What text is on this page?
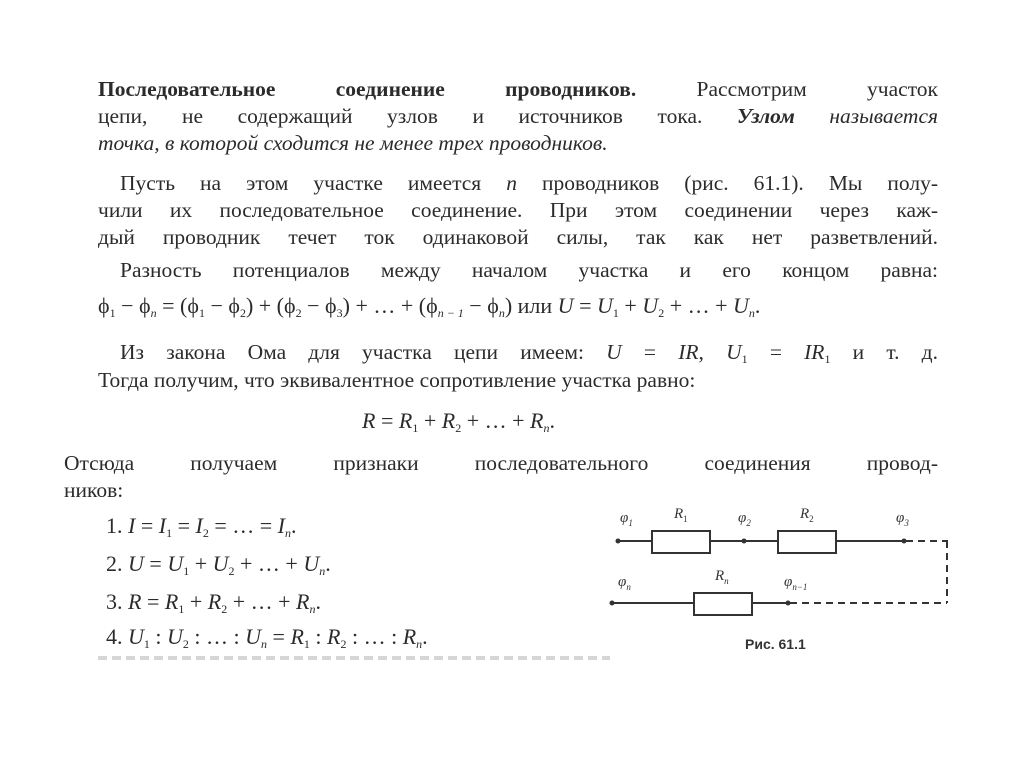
Последовательное соединение проводников. Рассмотрим участок
цепи, не содержащий узлов и источников тока. Узлом называется
точка, в которой сходится не менее трех проводников.
Пусть на этом участке имеется n проводников (рис. 61.1). Мы полу-
чили их последовательное соединение. При этом соединении через каж-
дый проводник течет ток одинаковой силы, так как нет разветвлений.
Разность потенциалов между началом участка и его концом равна:
$\phi_1 - \phi_n = (\phi_1 - \phi_2) + (\phi_2 - \phi_3)$ + … + $(\phi_{n - 1} - \phi_n)$ или $U = U_1 + U_2$ + … + $U_n$.
Из закона Ома для участка цепи имеем: U = IR, $U_1 = IR_1$ и т. д.
Тогда получим, что эквивалентное сопротивление участка равно:
$R = R_1 + R_2$ + … + $R_n$.
Отсюда получаем признаки последовательного соединения провод-
ников:
1. $I = I_1 = I_2$ = … = $I_n$.
2. $U = U_1 + U_2$ + … + $U_n$.
3. $R = R_1 + R_2$ + … + $R_n$.
4. $U_1$ : $U_2$ : … : $U_n = R_1$ : $R_2$ : … : $R_n$.
$\varphi_1$
$R_1$	$\varphi_2$
$R_2$	$\varphi_3$
$\varphi_n$
$R_n$	$\varphi_{n-1}$
Рис. 61.1
